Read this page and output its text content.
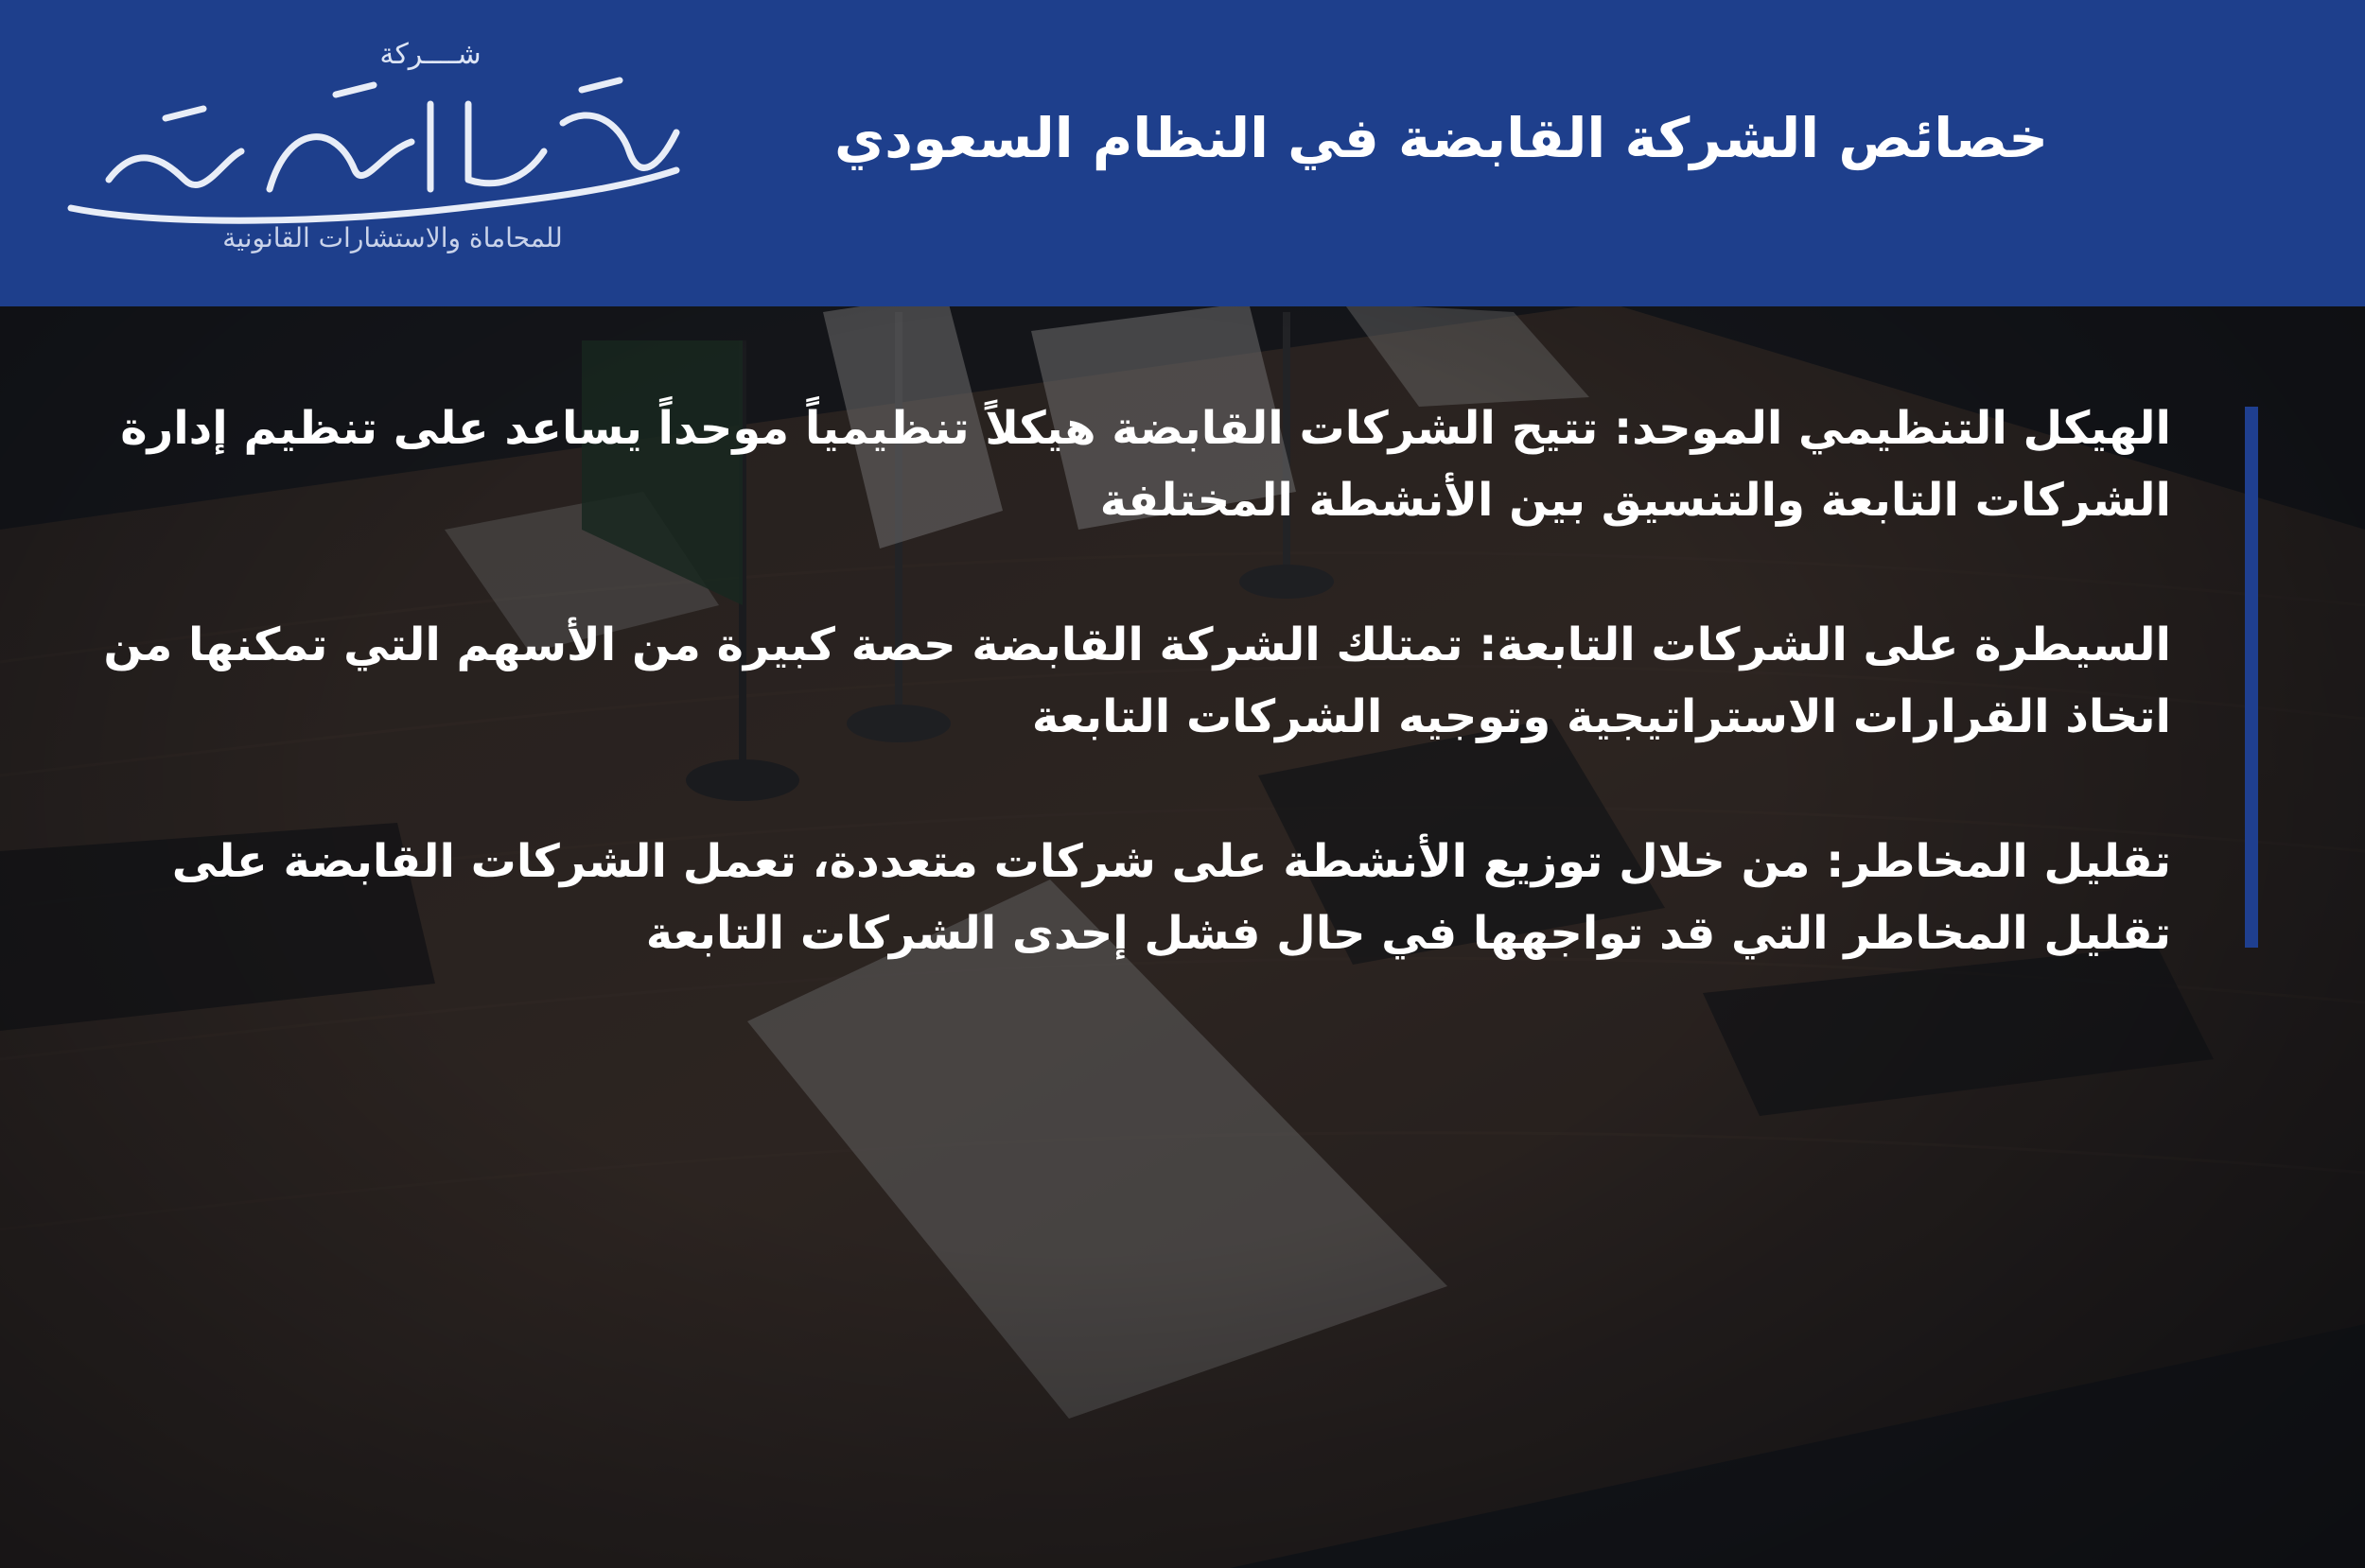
شــــركة
للمحاماة والاستشارات القانونية
خصائص الشركة القابضة في النظام السعودي

الهيكل التنظيمي الموحد: تتيح الشركات القابضة هيكلاً تنظيمياً موحداً يساعد على تنظيم إدارة الشركات التابعة والتنسيق بين الأنشطة المختلفة

السيطرة على الشركات التابعة: تمتلك الشركة القابضة حصة كبيرة من الأسهم التي تمكنها من اتخاذ القرارات الاستراتيجية وتوجيه الشركات التابعة

تقليل المخاطر: من خلال توزيع الأنشطة على شركات متعددة، تعمل الشركات القابضة على تقليل المخاطر التي قد تواجهها في حال فشل إحدى الشركات التابعة
